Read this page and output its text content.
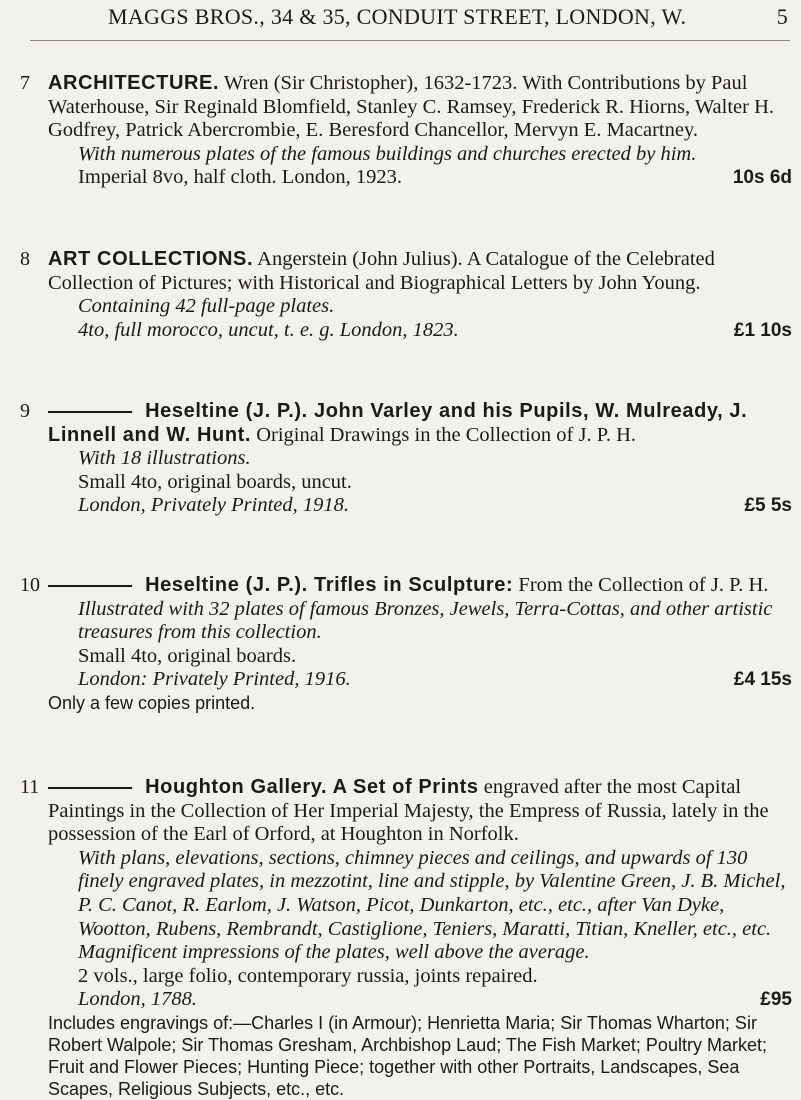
MAGGS BROS., 34 & 35, CONDUIT STREET, LONDON, W.	5
7 ARCHITECTURE. Wren (Sir Christopher), 1632-1723. With Contributions by Paul Waterhouse, Sir Reginald Blomfield, Stanley C. Ramsey, Frederick R. Hiorns, Walter H. Godfrey, Patrick Abercrombie, E. Beresford Chancellor, Mervyn E. Macartney.

With numerous plates of the famous buildings and churches erected by him.

Imperial 8vo, half cloth. London, 1923.	10s 6d

8 ART COLLECTIONS. Angerstein (John Julius). A Catalogue of the Celebrated Collection of Pictures; with Historical and Biographical Letters by John Young.

Containing 42 full-page plates.

4to, full morocco, uncut, t. e. g. London, 1823.	£1 10s

9	Heseltine (J. P.). John Varley and his Pupils, W. Mulready, J. Linnell and W. Hunt. Original Drawings in the Collection of J. P. H.

With 18 illustrations.

Small 4to, original boards, uncut.

London, Privately Printed, 1918.	£5 5s

10	Heseltine (J. P.). Trifles in Sculpture: From the Collection of J. P. H.

Illustrated with 32 plates of famous Bronzes, Jewels, Terra-Cottas, and other artistic treasures from this collection.

Small 4to, original boards.

London: Privately Printed, 1916.	£4 15s

Only a few copies printed.

11	Houghton Gallery. A Set of Prints engraved after the most Capital Paintings in the Collection of Her Imperial Majesty, the Empress of Russia, lately in the possession of the Earl of Orford, at Houghton in Norfolk.

With plans, elevations, sections, chimney pieces and ceilings, and upwards of 130 finely engraved plates, in mezzotint, line and stipple, by Valentine Green, J. B. Michel, P. C. Canot, R. Earlom, J. Watson, Picot, Dunkarton, etc., etc., after Van Dyke, Wootton, Rubens, Rembrandt, Castiglione, Teniers, Maratti, Titian, Kneller, etc., etc. Magnificent impressions of the plates, well above the average.

2 vols., large folio, contemporary russia, joints repaired.

London, 1788.	£95

Includes engravings of:—Charles I (in Armour); Henrietta Maria; Sir Thomas Wharton; Sir Robert Walpole; Sir Thomas Gresham, Archbishop Laud; The Fish Market; Poultry Market; Fruit and Flower Pieces; Hunting Piece; together with other Portraits, Landscapes, Sea Scapes, Religious Subjects, etc., etc.
